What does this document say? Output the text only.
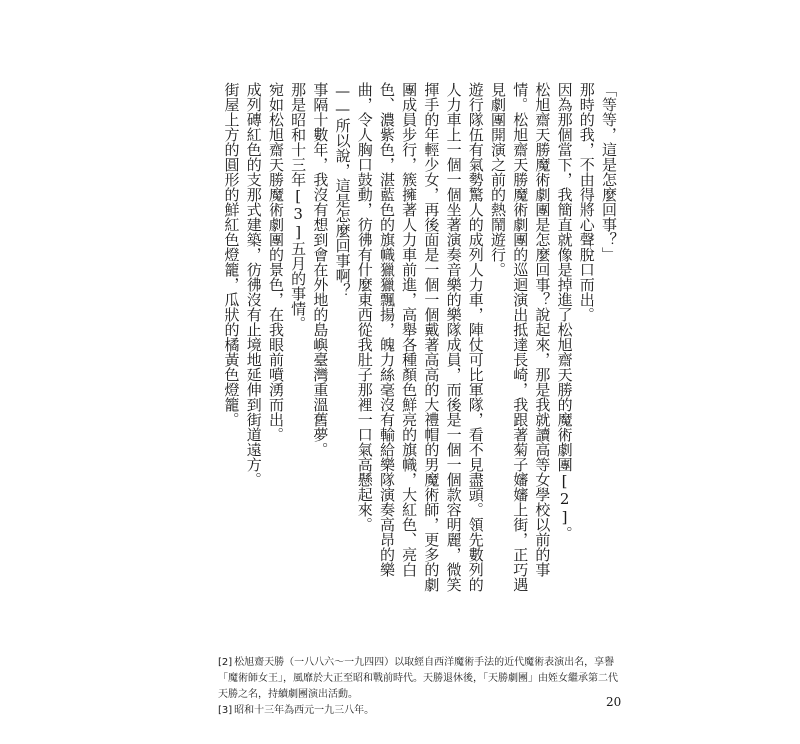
「等等，這是怎麼回事？」

那時的我，不由得將心聲脫口而出。

因為那個當下，我簡直就像是掉進了松旭齋天勝的魔術劇團[2]。

松旭齋天勝魔術劇團是怎麼回事？說起來，那是我就讀高等女學校以前的事情。松旭齋天勝魔術劇團的巡迴演出抵達長崎，我跟著菊子嬸嬸上街，正巧遇見劇團開演之前的熱鬧遊行。

遊行隊伍有氣勢驚人的成列人力車，陣仗可比軍隊，看不見盡頭。領先數列的人力車上一個一個坐著演奏音樂的樂隊成員，而後是一個一個款容明麗，微笑揮手的年輕少女，再後面是一個一個戴著高高的大禮帽的男魔術師，更多的劇團成員步行，簇擁著人力車前進，高舉各種顏色鮮亮的旗幟，大紅色、亮白色、濃紫色，湛藍色的旗幟獵獵飄揚，魄力絲毫沒有輸給樂隊演奏高昂的樂曲，令人胸口鼓動，彷彿有什麼東西從我肚子那裡一口氣高懸起來。

——所以說，這是怎麼回事啊？

事隔十數年，我沒有想到會在外地的島嶼臺灣重溫舊夢。

那是昭和十三年[3]五月的事情。

宛如松旭齋天勝魔術劇團的景色，在我眼前噴湧而出。

成列磚紅色的支那式建築，彷彿沒有止境地延伸到街道遠方。

街屋上方的圓形的鮮紅色燈籠，瓜狀的橘黃色燈籠。

[2] 松旭齋天勝（一八八六～一九四四）以取經自西洋魔術手法的近代魔術表演出名，享譽「魔術師女王」，風靡於大正至昭和戰前時代。天勝退休後，「天勝劇團」由姪女繼承第二代天勝之名，持續劇團演出活動。

[3] 昭和十三年為西元一九三八年。

20
